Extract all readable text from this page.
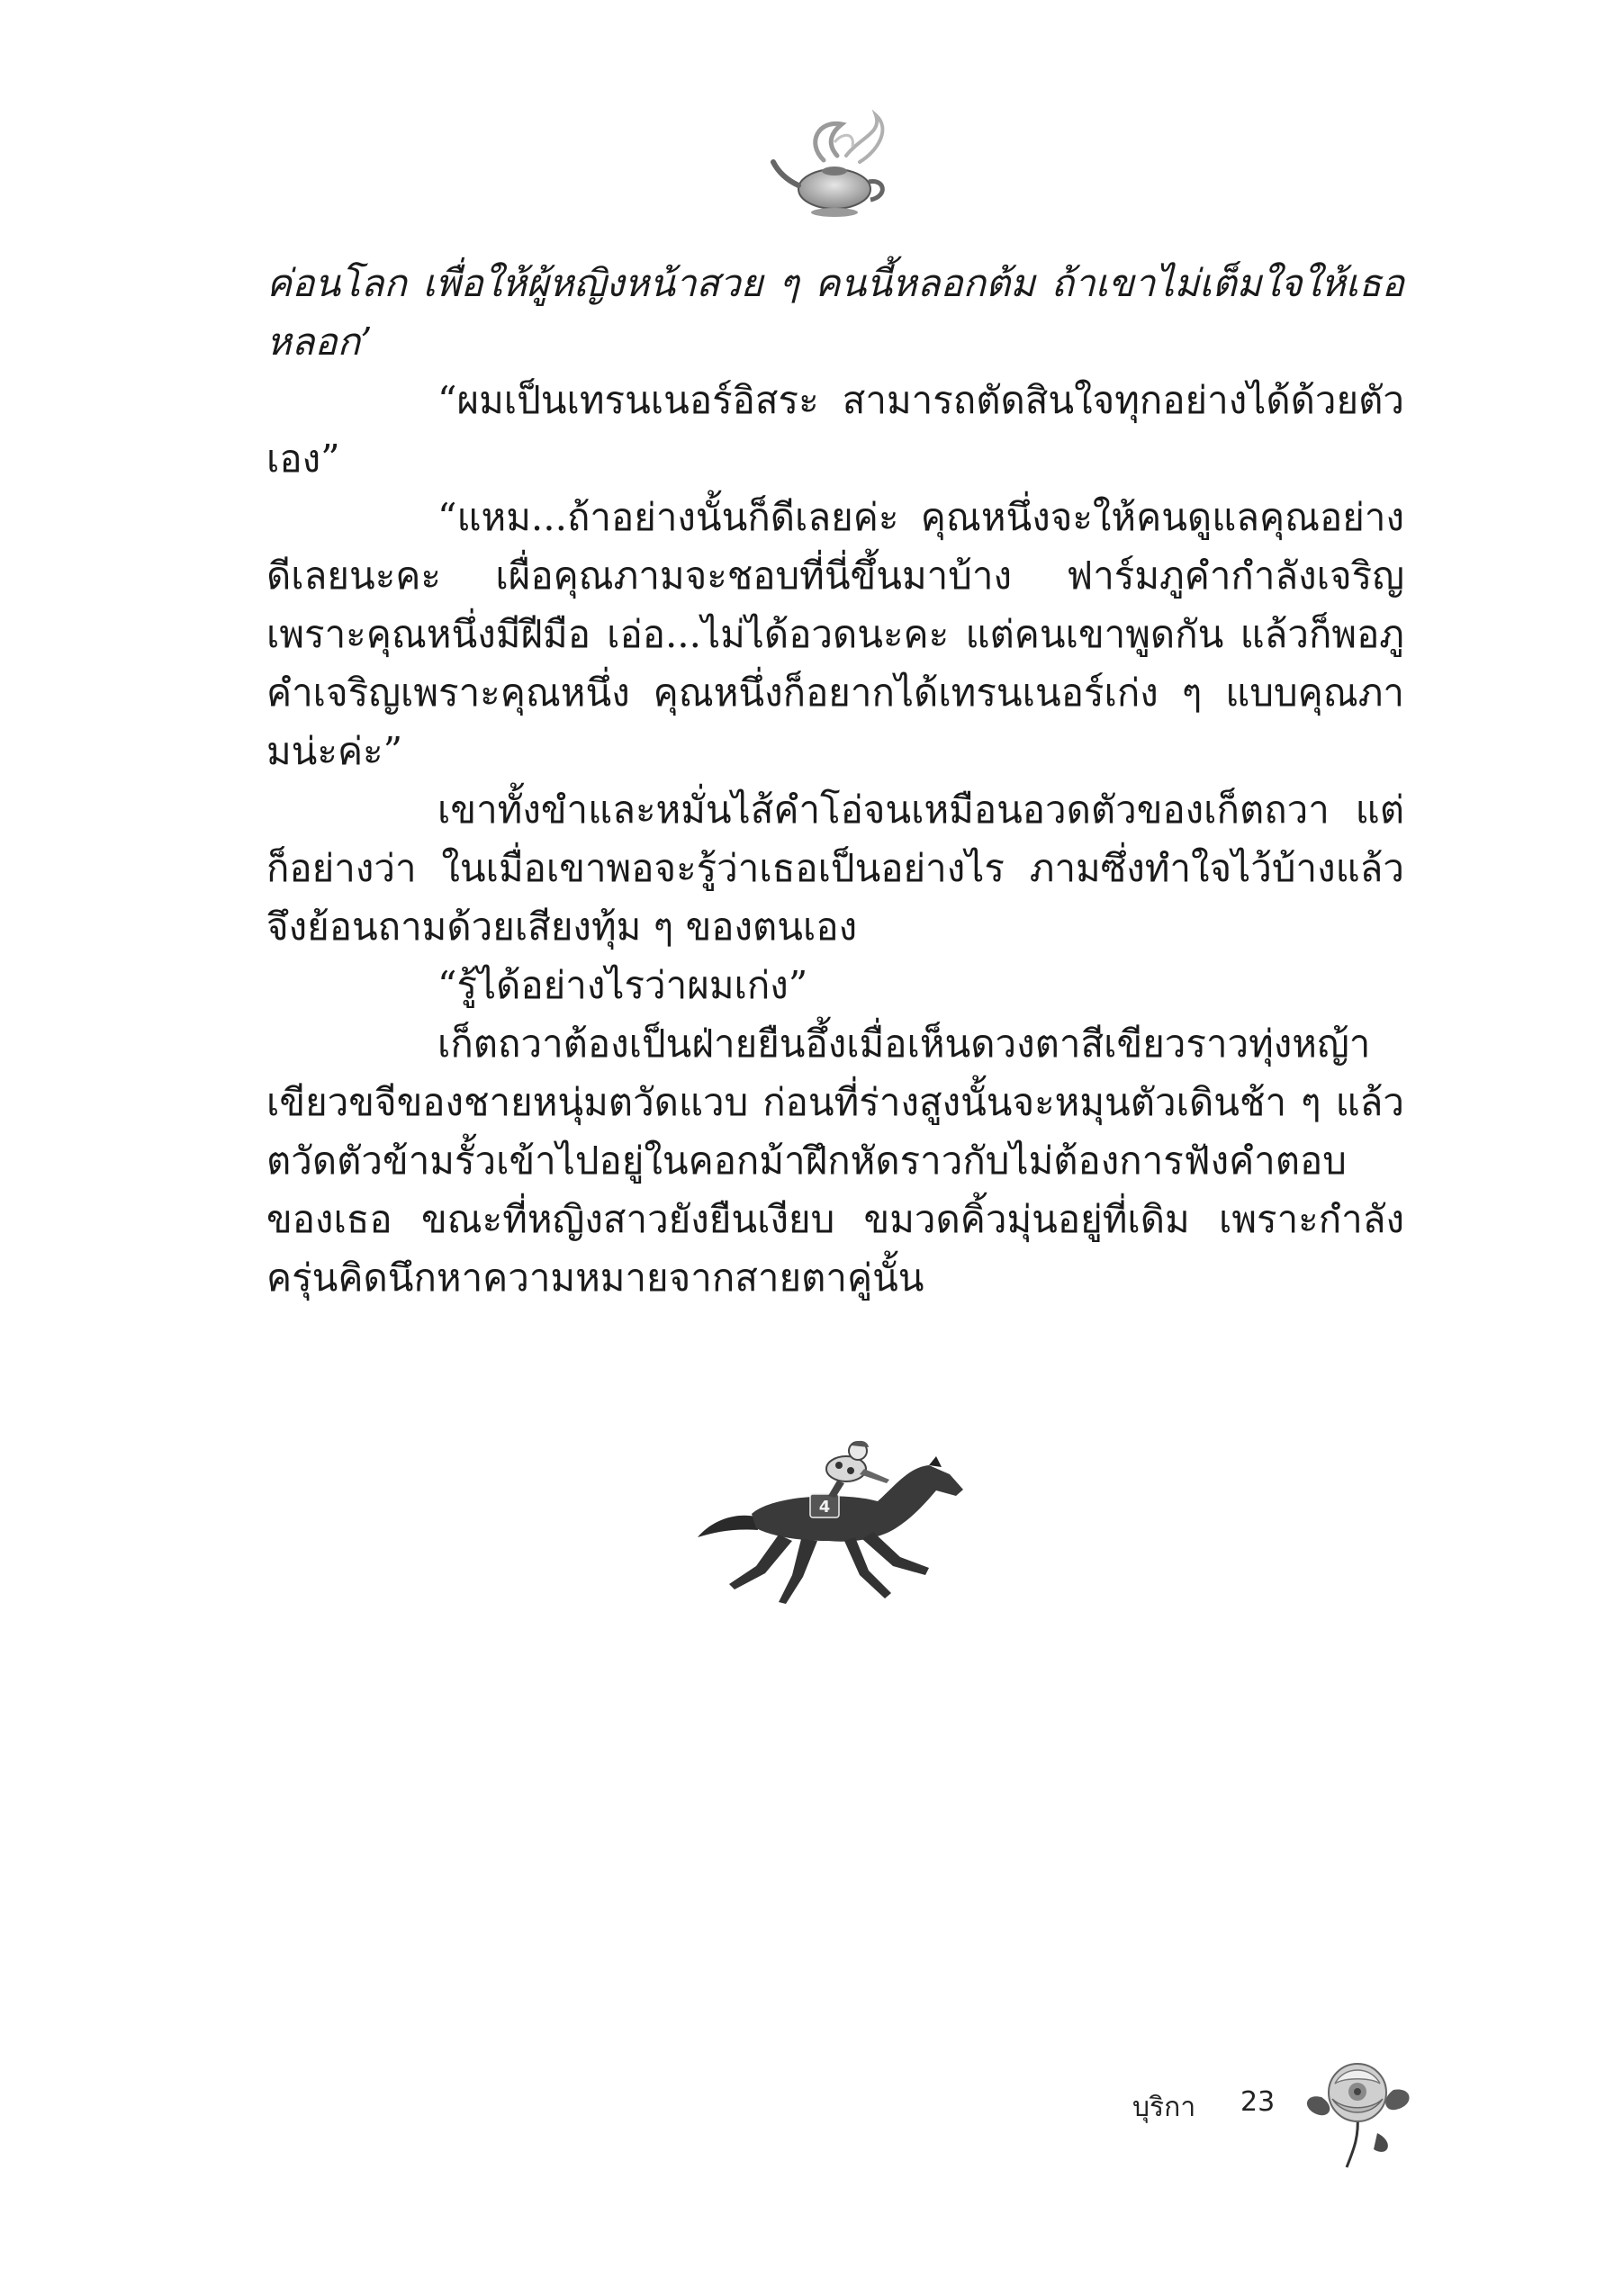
ค่อนโลก เพื่อให้ผู้หญิงหน้าสวย ๆ คนนี้หลอกต้ม ถ้าเขาไม่เต็มใจให้เธอหลอก’

“ผมเป็นเทรนเนอร์อิสระ สามารถตัดสินใจทุกอย่างได้ด้วยตัวเอง”

“แหม...ถ้าอย่างนั้นก็ดีเลยค่ะ คุณหนึ่งจะให้คนดูแลคุณอย่างดีเลยนะคะ เผื่อคุณภามจะชอบที่นี่ขึ้นมาบ้าง ฟาร์มภูคำกำลังเจริญเพราะคุณหนึ่งมีฝีมือ เอ่อ...ไม่ได้อวดนะคะ แต่คนเขาพูดกัน แล้วก็พอภูคำเจริญเพราะคุณหนึ่ง คุณหนึ่งก็อยากได้เทรนเนอร์เก่ง ๆ แบบคุณภามน่ะค่ะ”

เขาทั้งขำและหมั่นไส้คำโอ่จนเหมือนอวดตัวของเก็ตถวา แต่ก็อย่างว่า ในเมื่อเขาพอจะรู้ว่าเธอเป็นอย่างไร ภามซึ่งทำใจไว้บ้างแล้ว จึงย้อนถามด้วยเสียงทุ้ม ๆ ของตนเอง

“รู้ได้อย่างไรว่าผมเก่ง”

เก็ตถวาต้องเป็นฝ่ายยืนอึ้งเมื่อเห็นดวงตาสีเขียวราวทุ่งหญ้าเขียวขจีของชายหนุ่มตวัดแวบ ก่อนที่ร่างสูงนั้นจะหมุนตัวเดินช้า ๆ แล้วตวัดตัวข้ามรั้วเข้าไปอยู่ในคอกม้าฝึกหัดราวกับไม่ต้องการฟังคำตอบของเธอ ขณะที่หญิงสาวยังยืนเงียบ ขมวดคิ้วมุ่นอยู่ที่เดิม เพราะกำลังครุ่นคิดนึกหาความหมายจากสายตาคู่นั้น

4
บุริกา 23
